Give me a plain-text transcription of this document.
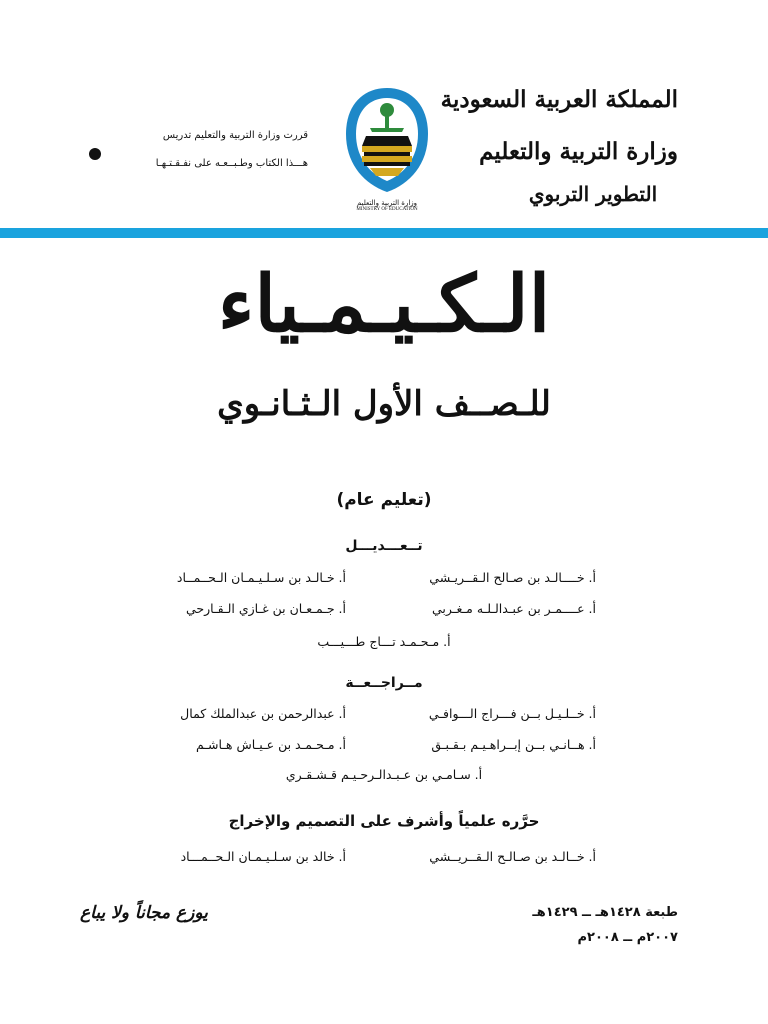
المملكة العربية السعودية
وزارة التربية والتعليم
التطوير التربوي
وزارة التربية والتعليم
MINISTRY OF EDUCATION
قررت وزارة التربية والتعليم تدريس
هـــذا الكتاب وطـبــعـه على نفـقـتـهـا
الـكـيـمـياء
للـصــف الأول الـثـانـوي
(تعليم عام)
تــعـــديـــل
أ. خــــالـد بن صـالح الـقــريـشي
أ. خـالـد بن سـلـيـمـان الـحــمــاد
أ. عــــمـر بن عبـدالـلـه مـغـربي
أ. جـمـعـان بن غـازي الـقـارحي
أ. مـحـمـد تـــاج طـــيـــب
مــراجــعــة
أ. خــلـيـل بــن فـــراج الـــوافـي
أ. عبدالرحمن بن عبدالملك كمال
أ. هــانـي بــن إبــراهـيـم بـقـبـق
أ. مـحـمـد بن عـيـاش هـاشـم
أ. سـامـي بن عـبـدالـرحـيـم قـشـقـري
حرَّره علمياً وأشرف على التصميم والإخراج
أ. خــالـد بن صـالـح الـقــريــشي
أ. خالد بن سـلـيـمـان الـحــمـــاد
طبعة ١٤٢٨هـ ــ ١٤٢٩هـ
٢٠٠٧م ــ ٢٠٠٨م
يوزع مجاناً ولا يباع
